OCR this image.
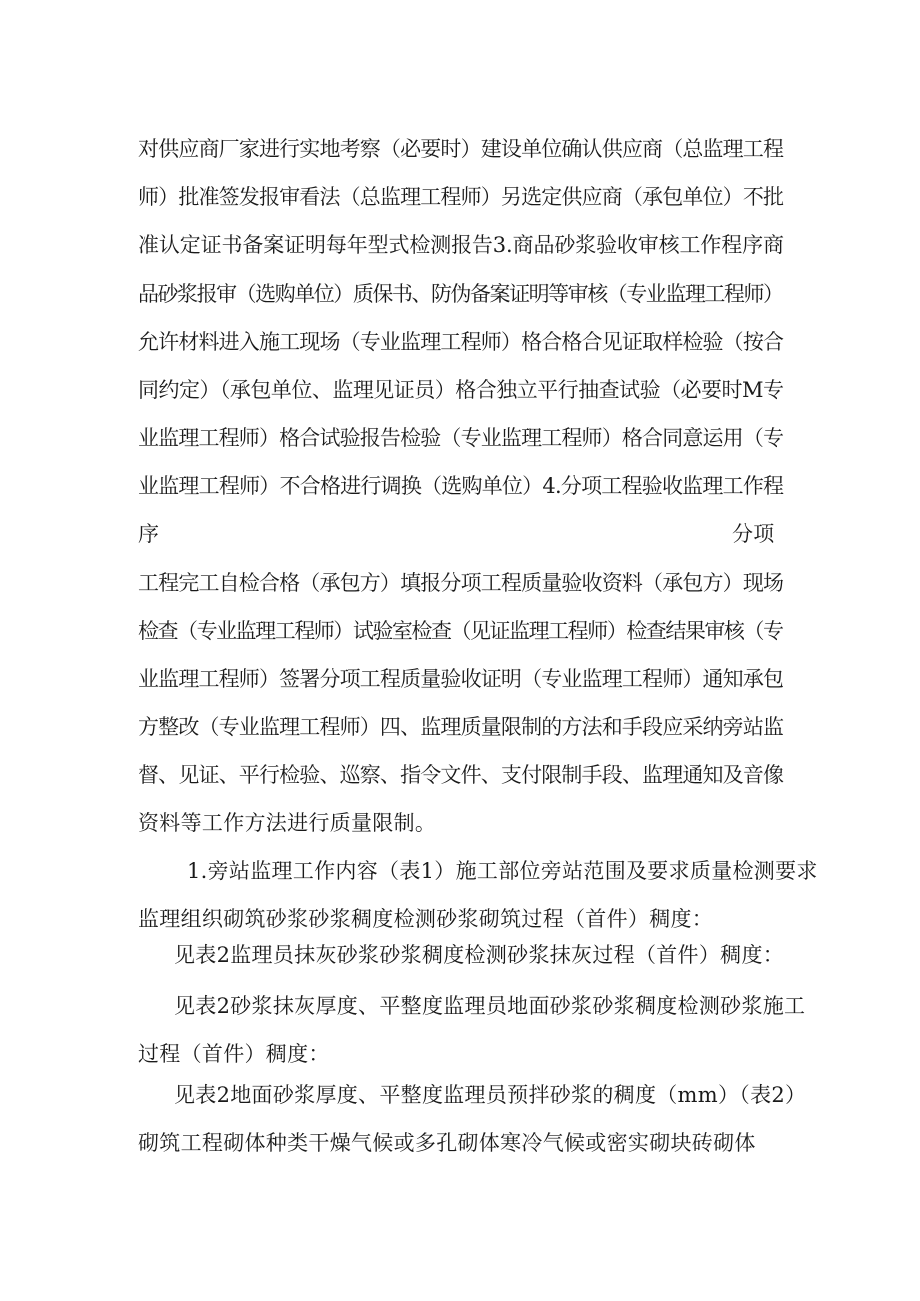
对供应商厂家进行实地考察（必要时）建设单位确认供应商（总监理工程
师）批准签发报审看法（总监理工程师）另选定供应商（承包单位）不批
准认定证书备案证明每年型式检测报告3.商品砂浆验收审核工作程序商
品砂浆报审（选购单位）质保书、防伪备案证明等审核（专业监理工程师）
允许材料进入施工现场（专业监理工程师）格合格合见证取样检验（按合
同约定）（承包单位、监理见证员）格合独立平行抽查试验（必要时M专
业监理工程师）格合试验报告检验（专业监理工程师）格合同意运用（专
业监理工程师）不合格进行调换（选购单位）4.分项工程验收监理工作程
序	分项
工程完工自检合格（承包方）填报分项工程质量验收资料（承包方）现场
检查（专业监理工程师）试验室检查（见证监理工程师）检查结果审核（专
业监理工程师）签署分项工程质量验收证明（专业监理工程师）通知承包
方整改（专业监理工程师）四、监理质量限制的方法和手段应采纳旁站监
督、见证、平行检验、巡察、指令文件、支付限制手段、监理通知及音像
资料等工作方法进行质量限制。
1.旁站监理工作内容（表1）施工部位旁站范围及要求质量检测要求
监理组织砌筑砂浆砂浆稠度检测砂浆砌筑过程（首件）稠度：
见表2监理员抹灰砂浆砂浆稠度检测砂浆抹灰过程（首件）稠度：
见表2砂浆抹灰厚度、平整度监理员地面砂浆砂浆稠度检测砂浆施工
过程（首件）稠度：
见表2地面砂浆厚度、平整度监理员预拌砂浆的稠度（mm）（表2）
砌筑工程砌体种类干燥气候或多孔砌体寒冷气候或密实砌块砖砌体
